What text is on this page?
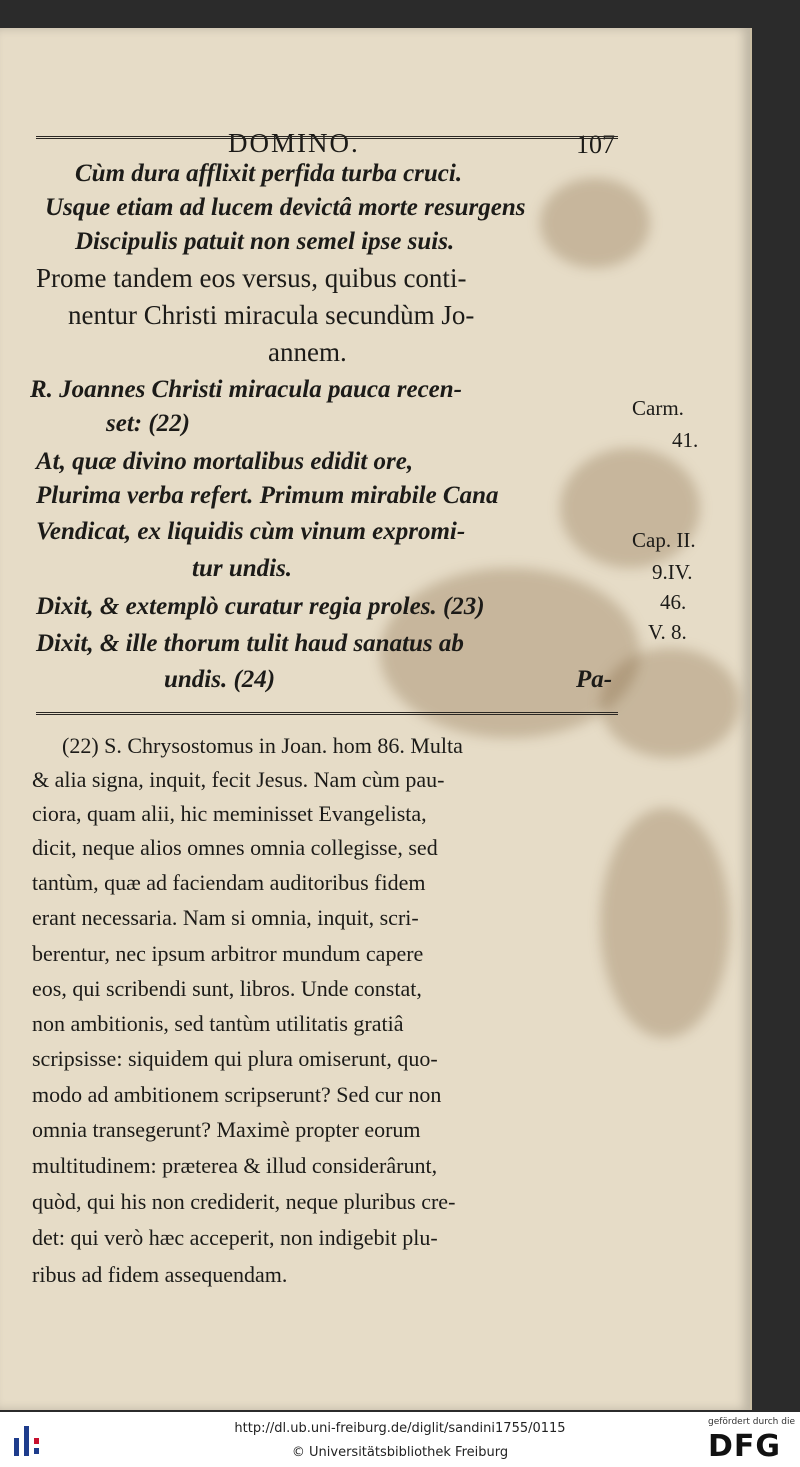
DOMINO.	107
Cùm dura afflixit perfida turba cruci.
Usque etiam ad lucem devictâ morte resurgens
Discipulis patuit non semel ipse suis.
Prome tandem eos versus, quibus conti-
nentur Christi miracula secundùm Jo-
annem.
R. Joannes Christi miracula pauca recen-
set: (22)
At, quæ divino mortalibus edidit ore,
Plurima verba refert. Primum mirabile Cana
Vendicat, ex liquidis cùm vinum expromi-
tur undis.
Dixit, & extemplò curatur regia proles. (23)
Dixit, & ille thorum tulit haud sanatus ab
undis. (24)	Pa-
Carm.
41.
Cap. II.
9.IV.
46.
V. 8.
(22) S. Chrysostomus in Joan. hom 86. Multa
& alia signa, inquit, fecit Jesus. Nam cùm pau-
ciora, quam alii, hic meminisset Evangelista,
dicit, neque alios omnes omnia collegisse, sed
tantùm, quæ ad faciendam auditoribus fidem
erant necessaria. Nam si omnia, inquit, scri-
berentur, nec ipsum arbitror mundum capere
eos, qui scribendi sunt, libros. Unde constat,
non ambitionis, sed tantùm utilitatis gratiâ
scripsisse: siquidem qui plura omiserunt, quo-
modo ad ambitionem scripserunt? Sed cur non
omnia transegerunt? Maximè propter eorum
multitudinem: præterea & illud considerârunt,
quòd, qui his non crediderit, neque pluribus cre-
det: qui verò hæc acceperit, non indigebit plu-
ribus ad fidem assequendam.
http://dl.ub.uni-freiburg.de/diglit/sandini1755/0115
© Universitätsbibliothek Freiburg
gefördert durch die
DFG
